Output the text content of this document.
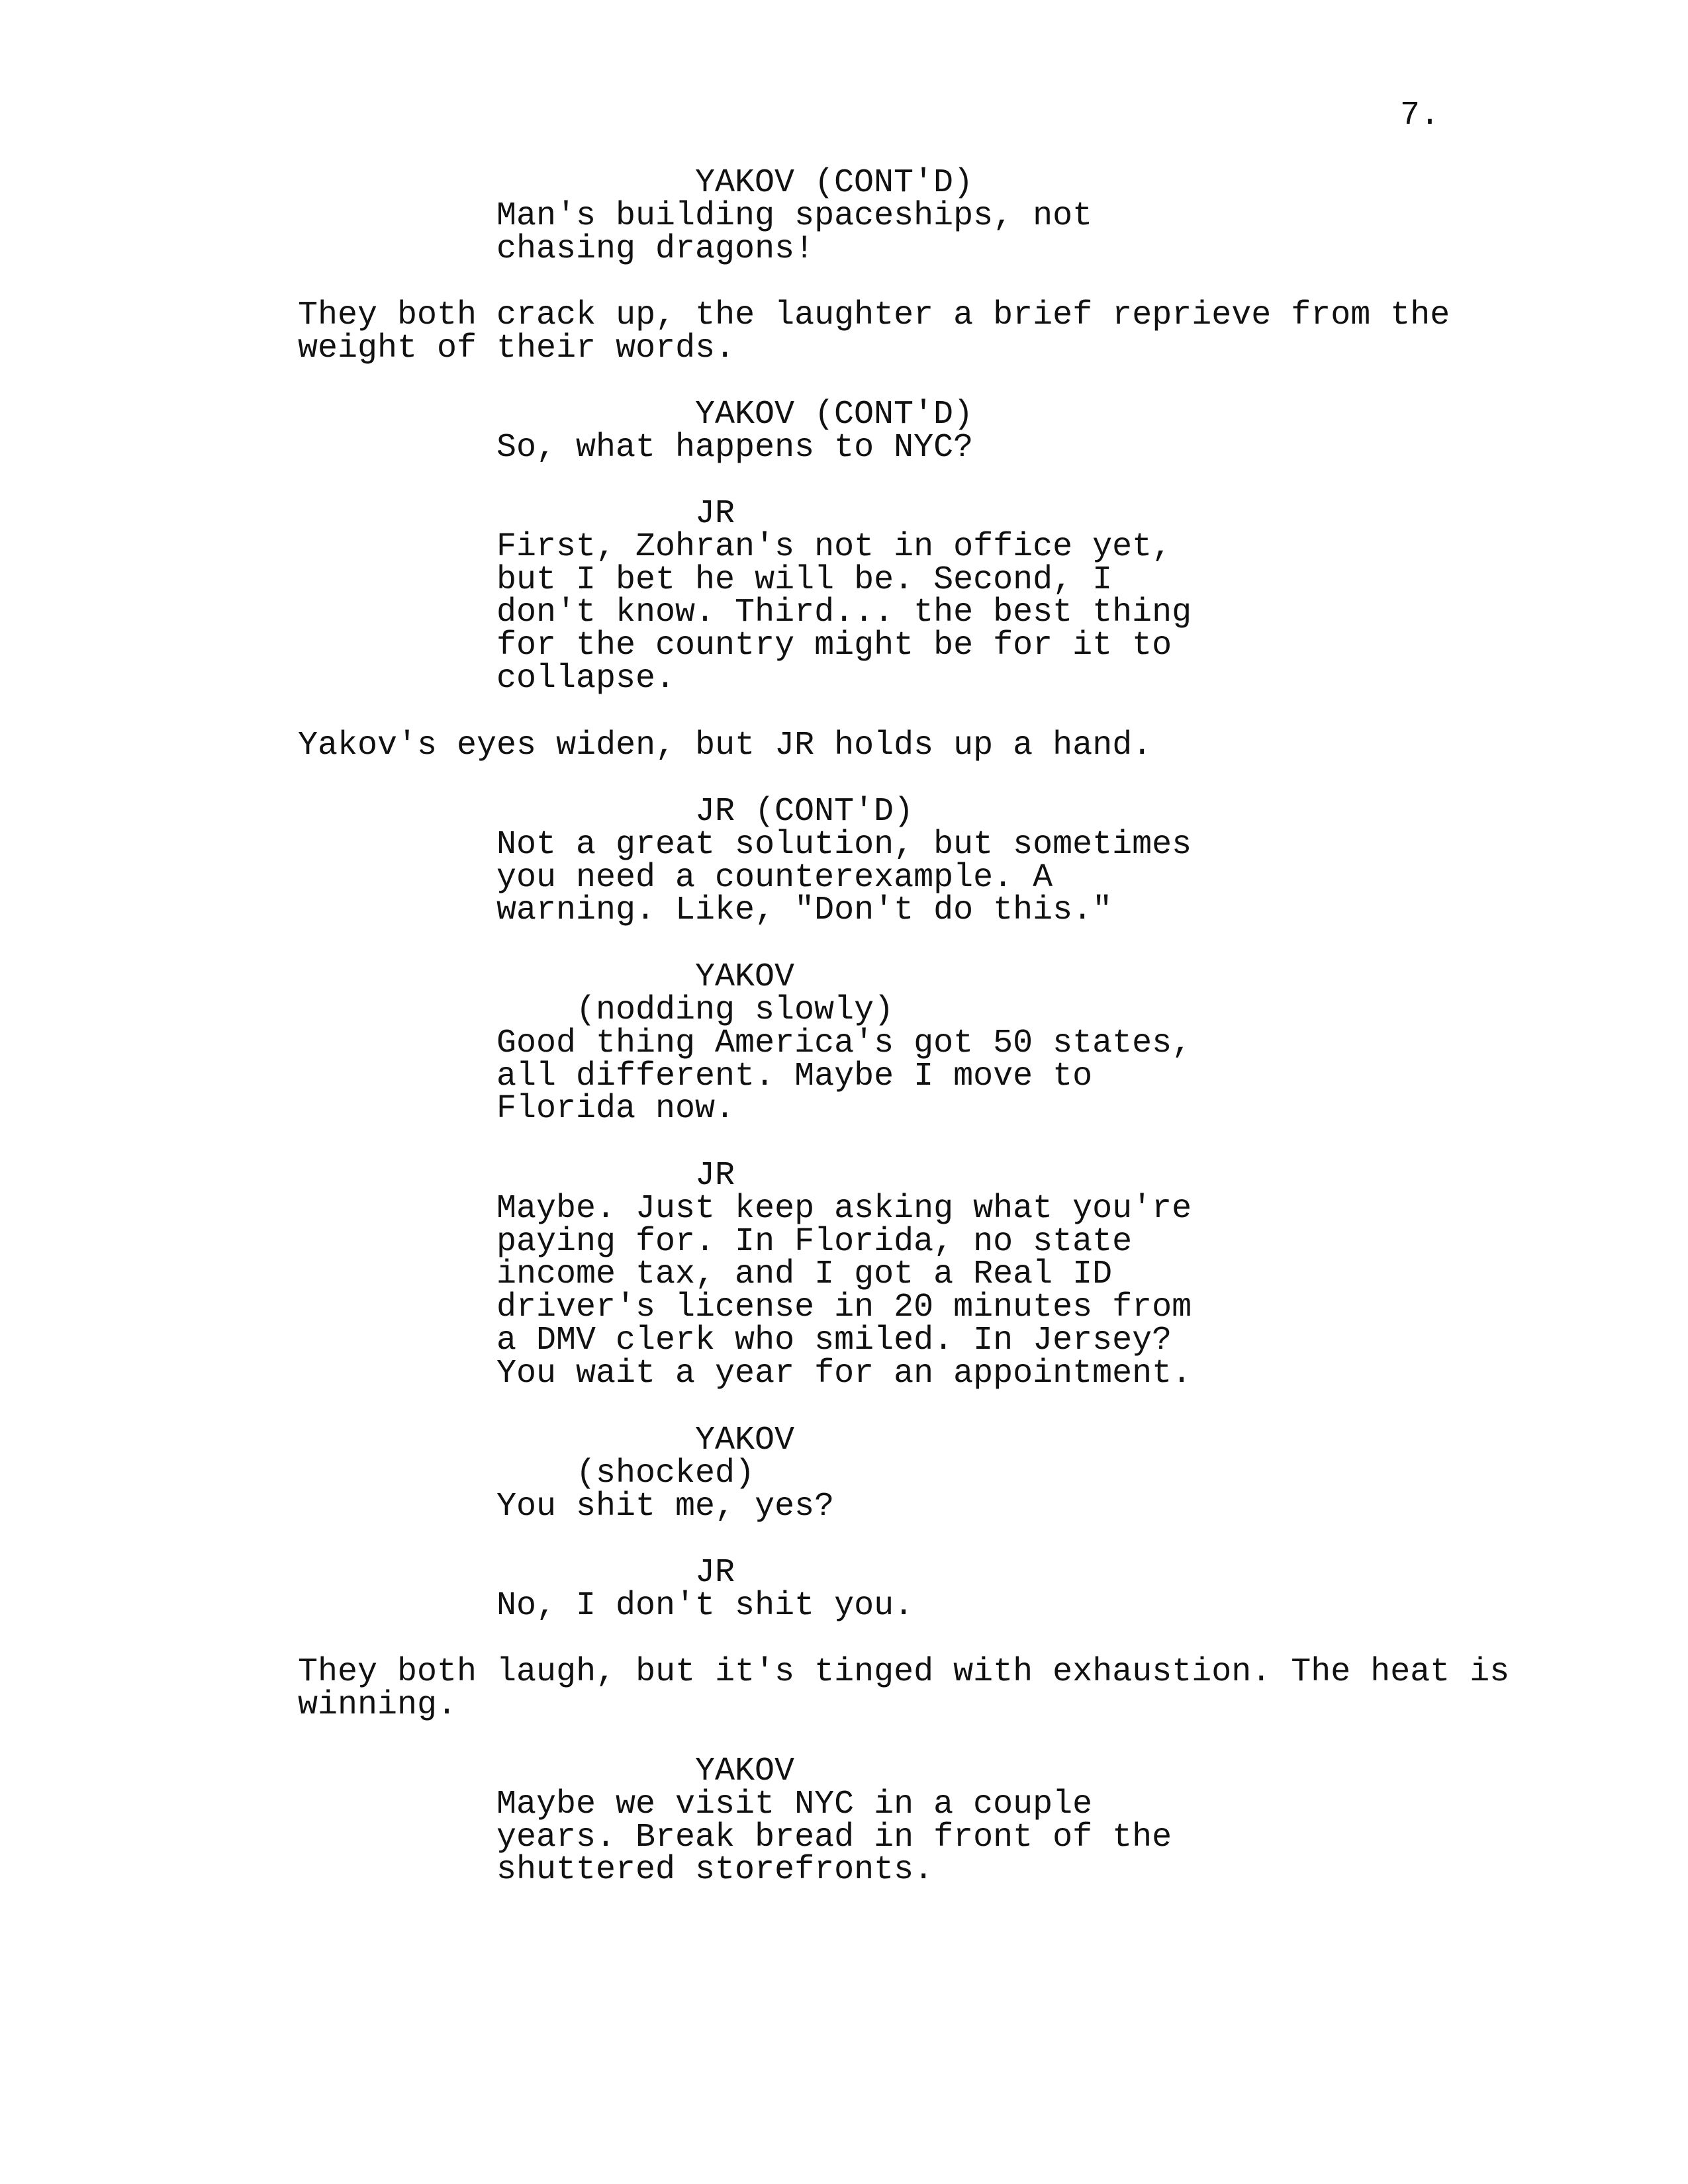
7.
YAKOV (CONT'D)
Man's building spaceships, not
chasing dragons!
They both crack up, the laughter a brief reprieve from the
weight of their words.
YAKOV (CONT'D)
So, what happens to NYC?
JR
First, Zohran's not in office yet,
but I bet he will be. Second, I
don't know. Third... the best thing
for the country might be for it to
collapse.
Yakov's eyes widen, but JR holds up a hand.
JR (CONT'D)
Not a great solution, but sometimes
you need a counterexample. A
warning. Like, "Don't do this."
YAKOV
(nodding slowly)
Good thing America's got 50 states,
all different. Maybe I move to
Florida now.
JR
Maybe. Just keep asking what you're
paying for. In Florida, no state
income tax, and I got a Real ID
driver's license in 20 minutes from
a DMV clerk who smiled. In Jersey?
You wait a year for an appointment.
YAKOV
(shocked)
You shit me, yes?
JR
No, I don't shit you.
They both laugh, but it's tinged with exhaustion. The heat is
winning.
YAKOV
Maybe we visit NYC in a couple
years. Break bread in front of the
shuttered storefronts.
